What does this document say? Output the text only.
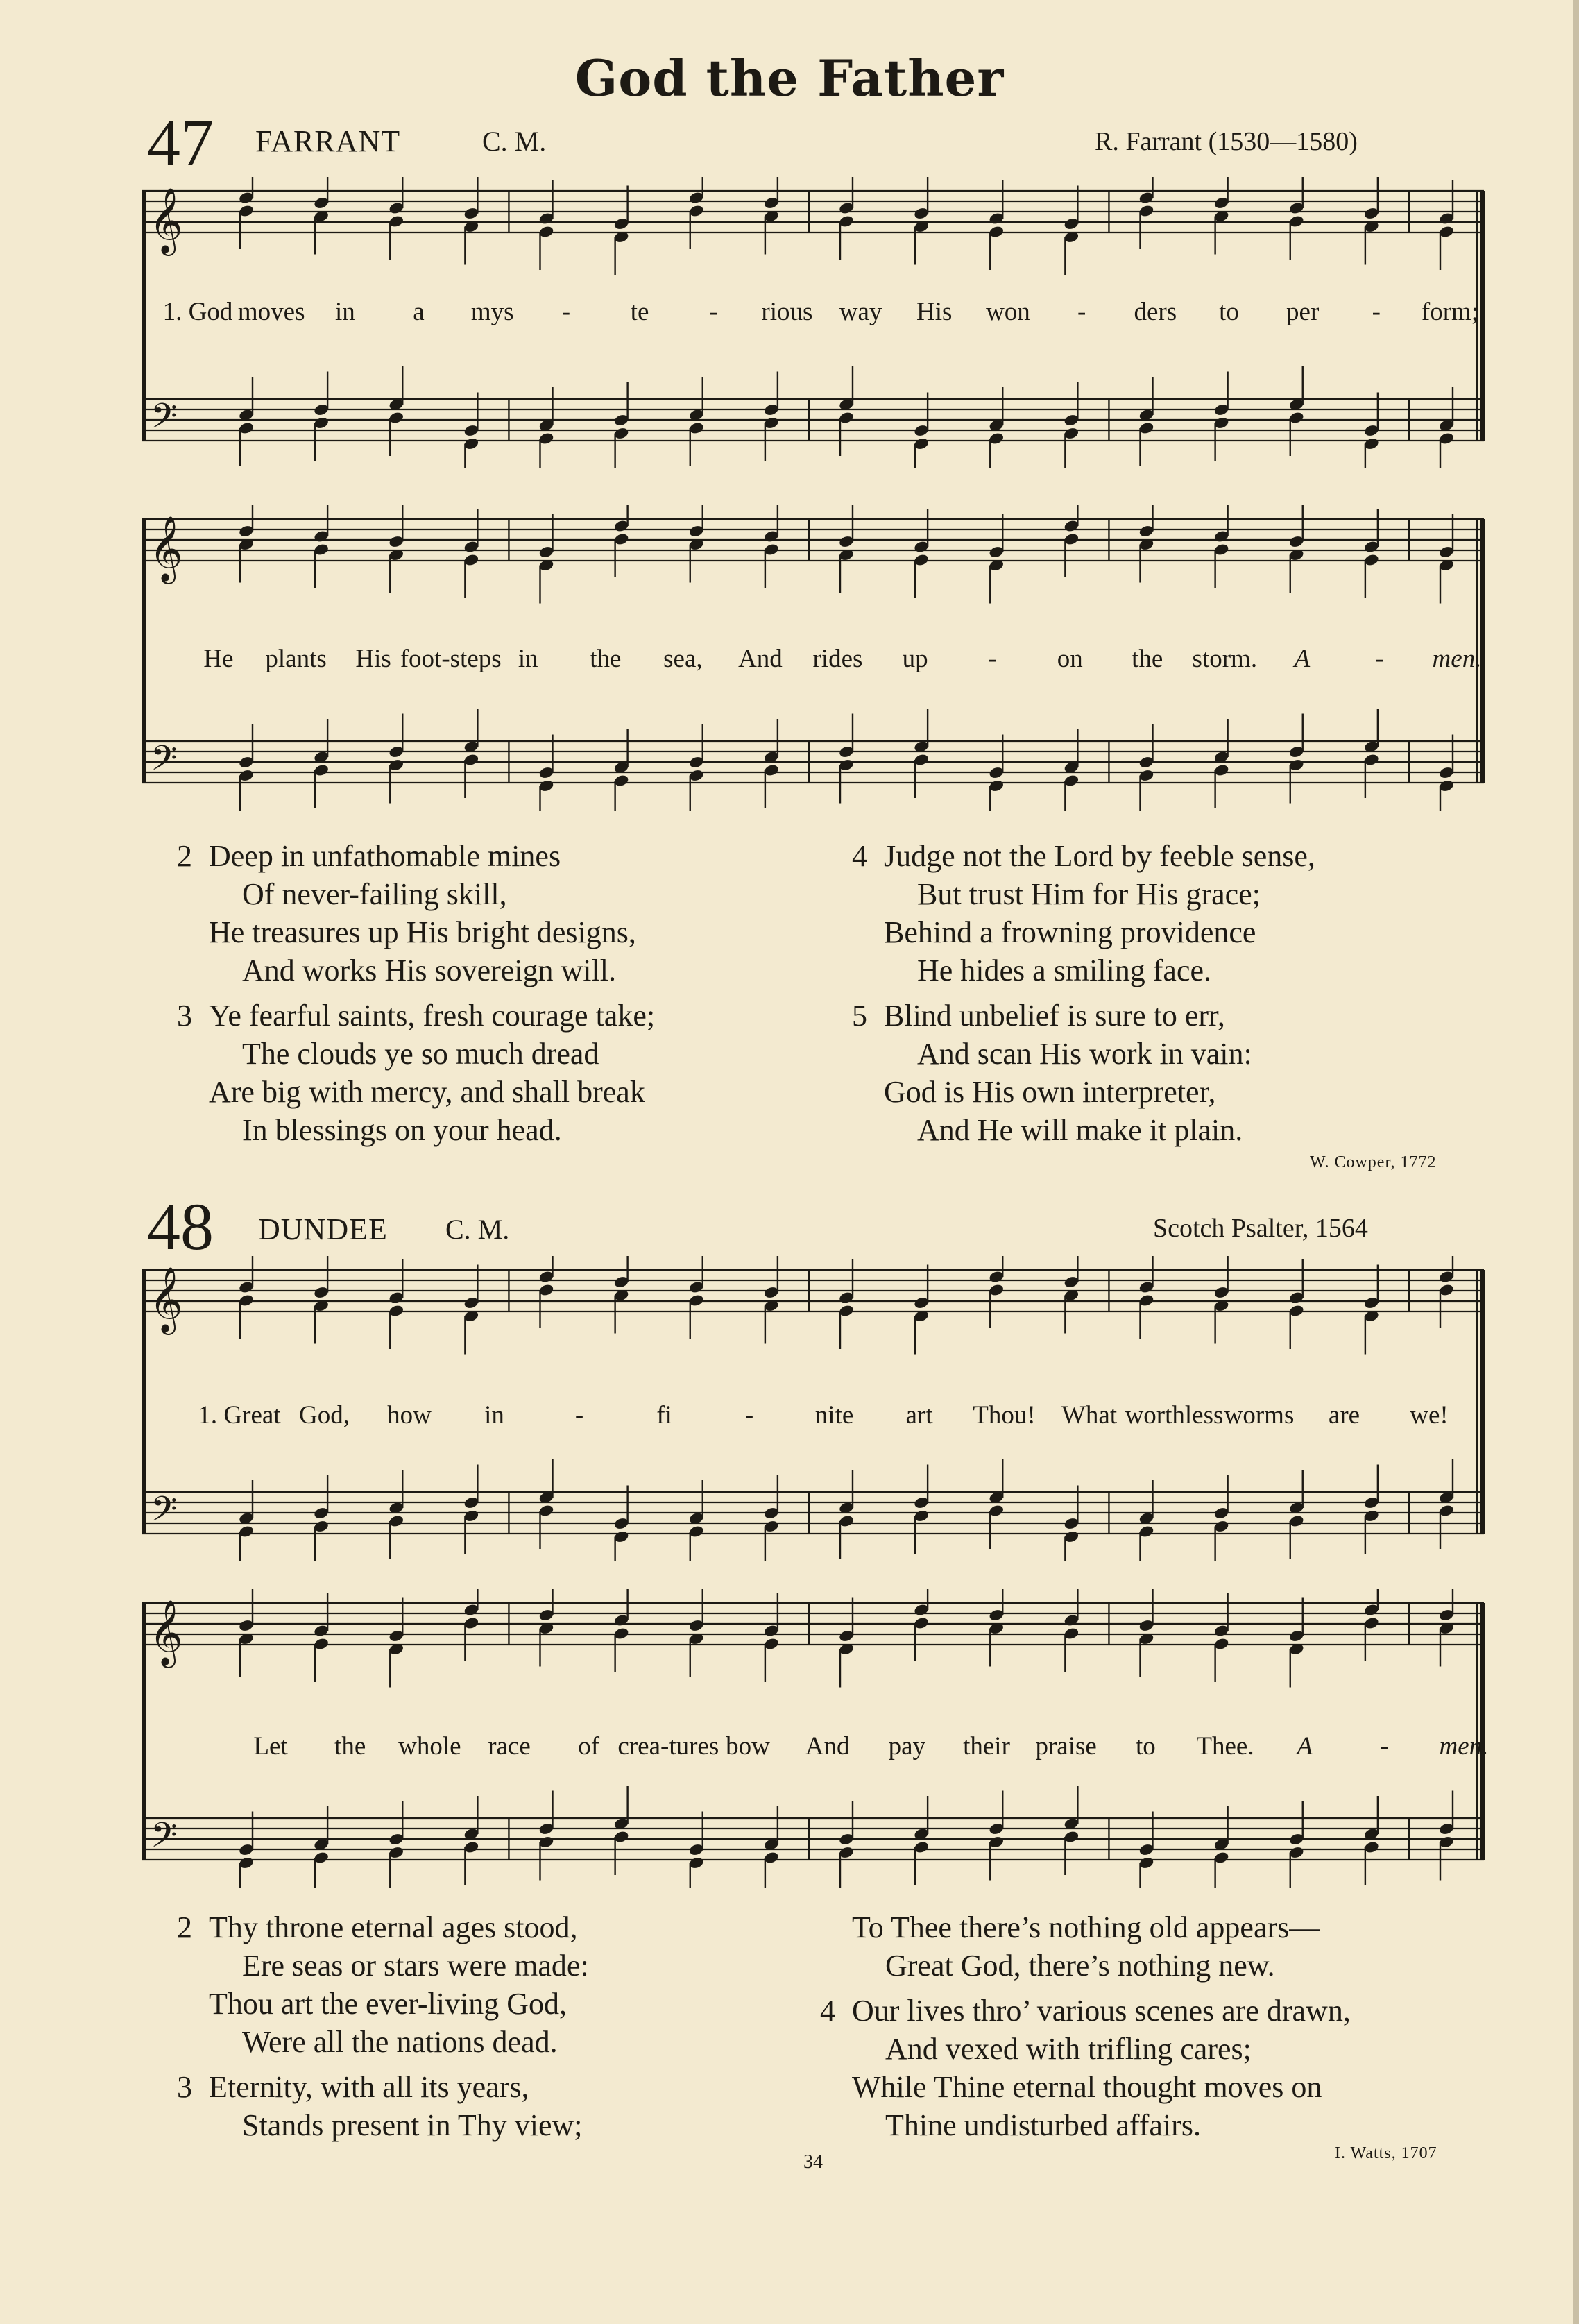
God the Father
47 FARRANT	C. M.	R. Farrant (1530—1580)
𝄞
𝄢
1. God moves in a mys - te - rious way His won - ders to per - form;
𝄞
𝄢
He plants His foot-steps in the sea, And rides up - on the storm. A	- men.
2 Deep in unfathomable mines
Of never-failing skill,
He treasures up His bright designs,
And works His sovereign will.
3 Ye fearful saints, fresh courage take;
The clouds ye so much dread
Are big with mercy, and shall break
In blessings on your head.
4 Judge not the Lord by feeble sense,
But trust Him for His grace;
Behind a frowning providence
He hides a smiling face.
5 Blind unbelief is sure to err,
And scan His work in vain:
God is His own interpreter,
And He will make it plain.
W. Cowper, 1772
48 DUNDEE C. M.	Scotch Psalter, 1564
𝄞
𝄢
1. Great God, how in	-	fi	- nite art Thou! What worthless worms are we!
𝄞
𝄢
Let the whole race of crea-tures bow And pay their praise to Thee. A	- men.
2 Thy throne eternal ages stood,
Ere seas or stars were made:
Thou art the ever-living God,
Were all the nations dead.
3 Eternity, with all its years,
Stands present in Thy view;
To Thee there’s nothing old appears—
Great God, there’s nothing new.
4 Our lives thro’ various scenes are drawn,
And vexed with trifling cares;
While Thine eternal thought moves on
Thine undisturbed affairs.
I. Watts, 1707
34
